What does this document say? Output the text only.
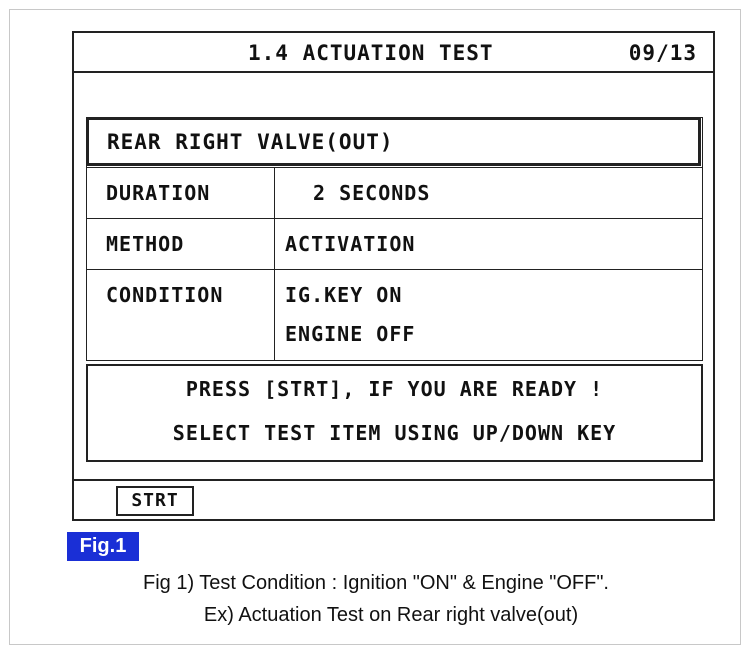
1.4 ACTUATION TEST	09/13
REAR RIGHT VALVE(OUT)
DURATION	2 SECONDS
METHOD	ACTIVATION
CONDITION	IG.KEY ON
ENGINE OFF
PRESS [STRT], IF YOU ARE READY !
SELECT TEST ITEM USING UP/DOWN KEY
STRT
Fig.1
Fig 1) Test Condition : Ignition "ON" & Engine "OFF".
Ex) Actuation Test on Rear right valve(out)
